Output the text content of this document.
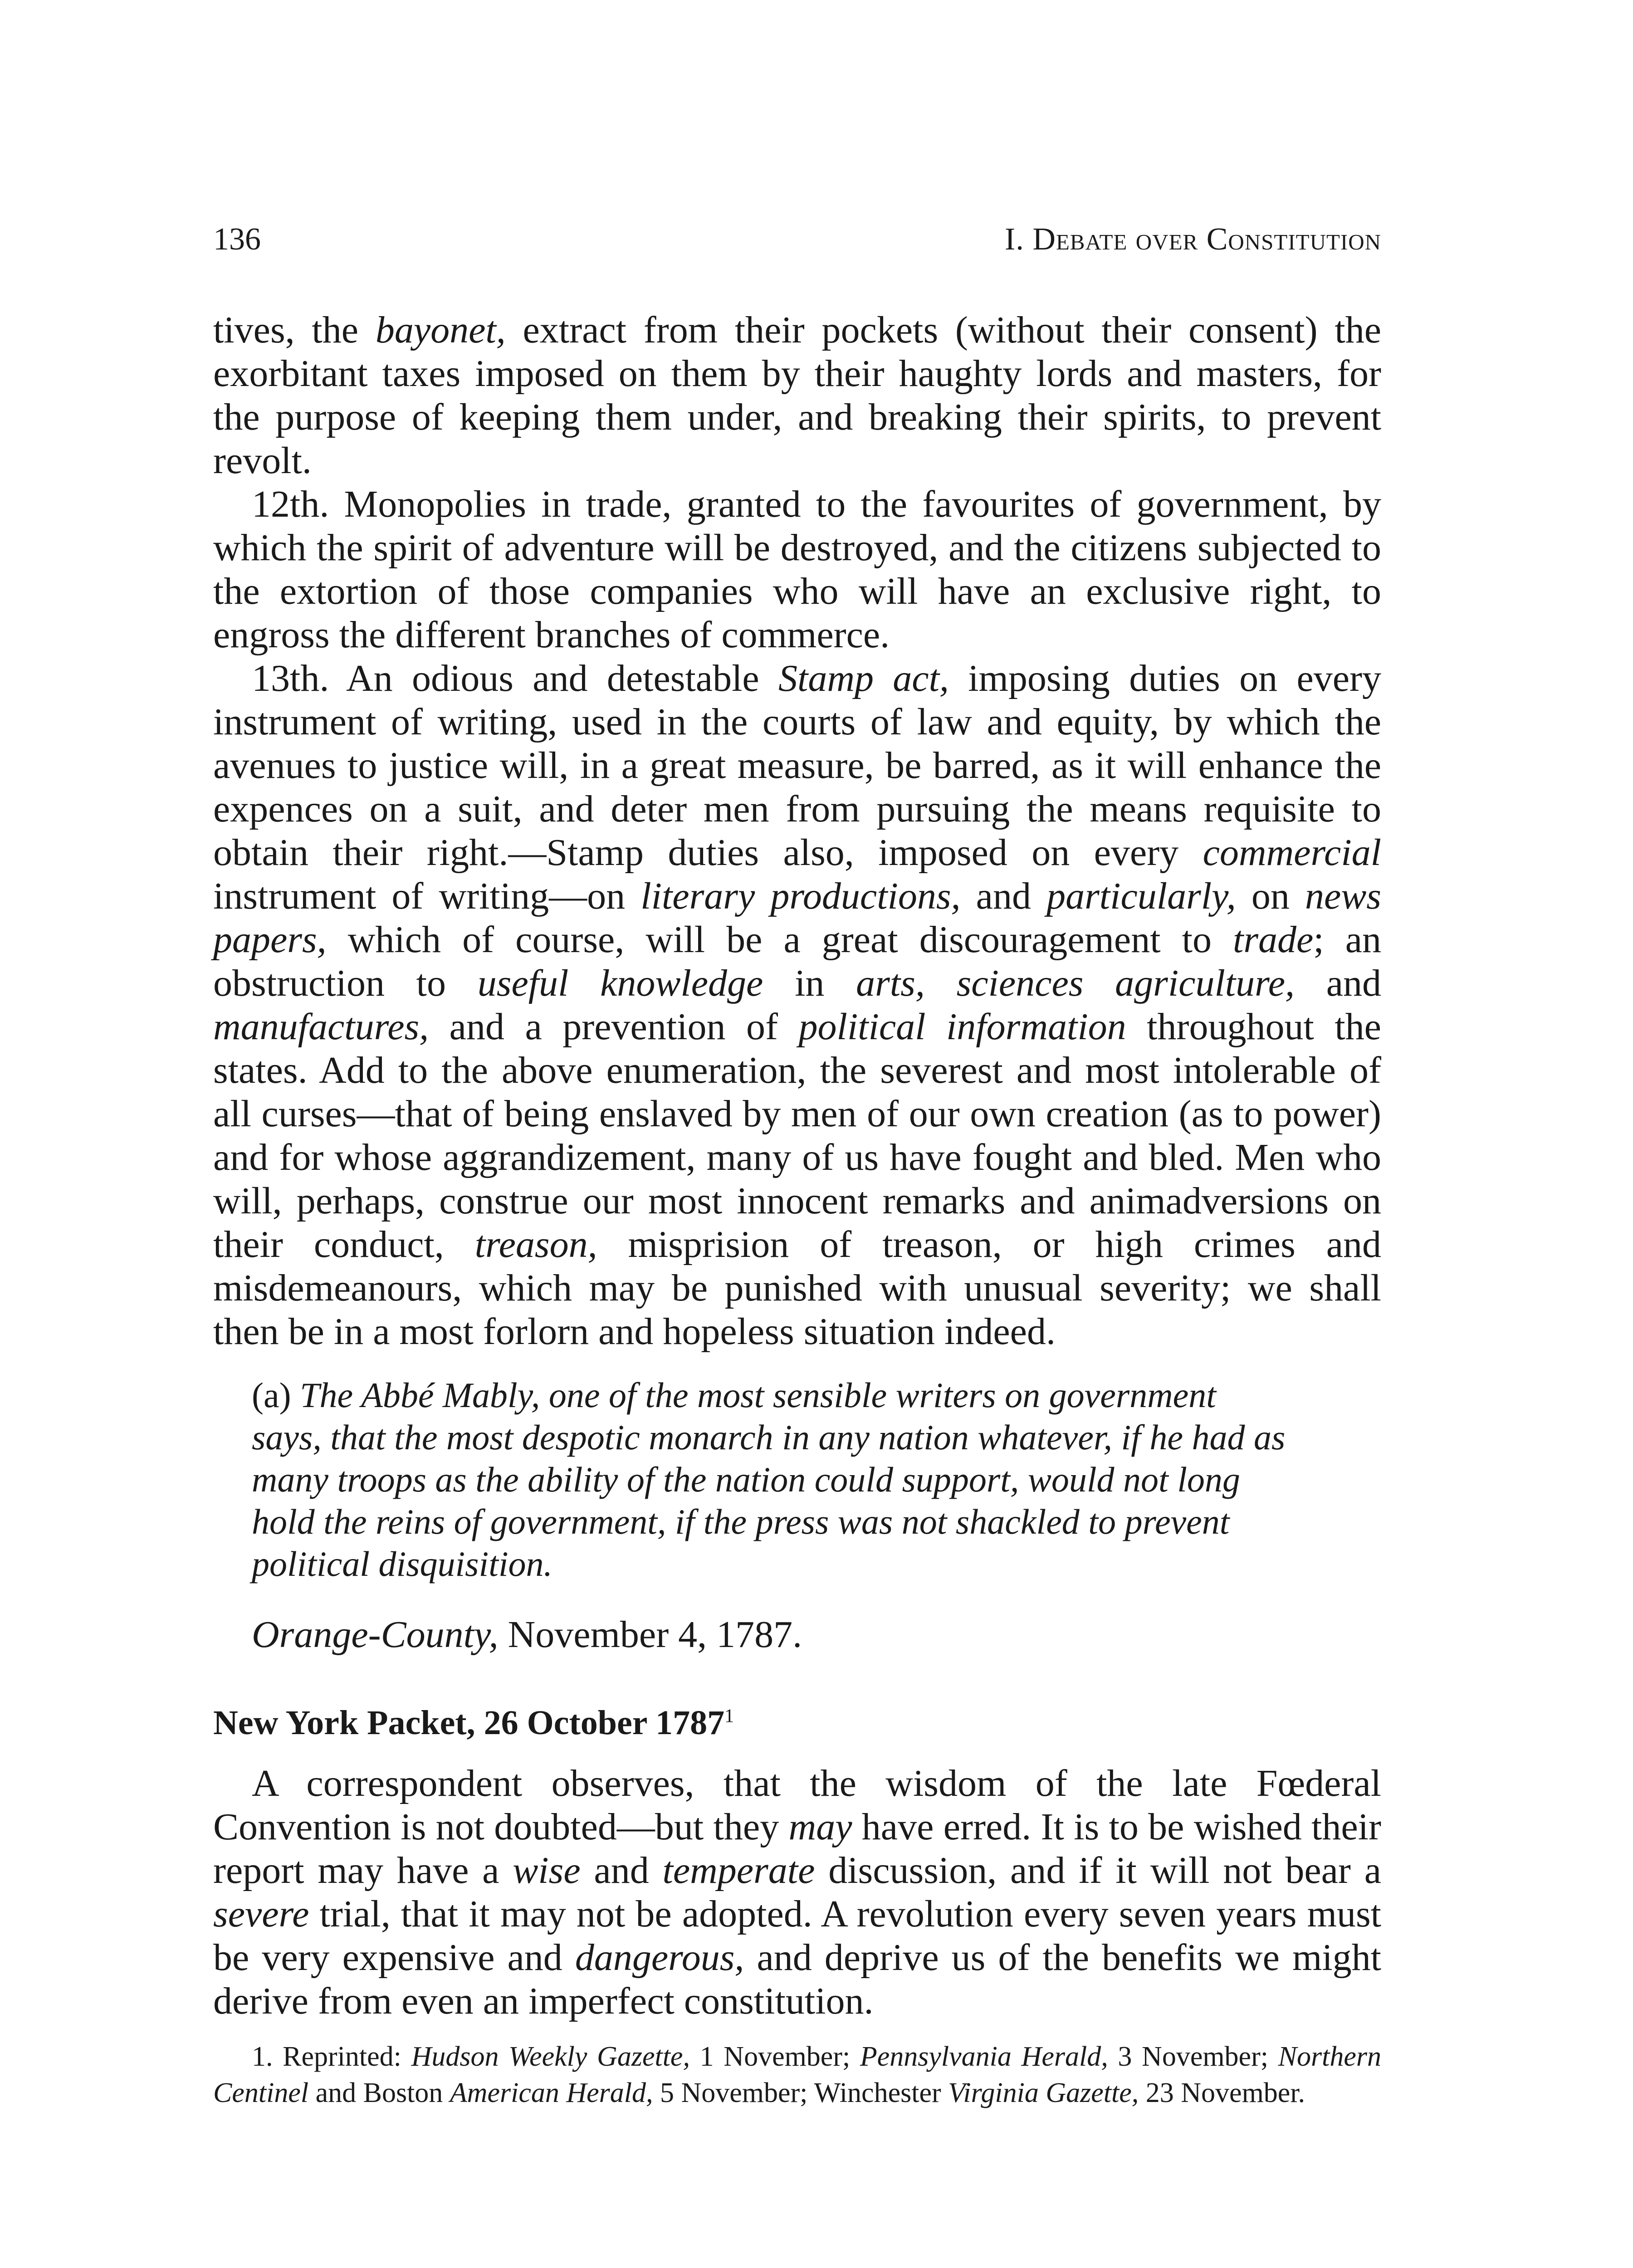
136	I. Debate over Constitution

tives, the bayonet, extract from their pockets (without their consent) the exorbitant taxes imposed on them by their haughty lords and masters, for the purpose of keeping them under, and breaking their spirits, to prevent revolt.

12th. Monopolies in trade, granted to the favourites of government, by which the spirit of adventure will be destroyed, and the citizens subjected to the extortion of those companies who will have an exclusive right, to engross the different branches of commerce.

13th. An odious and detestable Stamp act, imposing duties on every instrument of writing, used in the courts of law and equity, by which the avenues to justice will, in a great measure, be barred, as it will enhance the expences on a suit, and deter men from pursuing the means requisite to obtain their right.—Stamp duties also, imposed on every commercial instrument of writing—on literary productions, and particularly, on news papers, which of course, will be a great discouragement to trade; an obstruction to useful knowledge in arts, sciences agriculture, and manufactures, and a prevention of political information throughout the states. Add to the above enumeration, the severest and most intolerable of all curses—that of being enslaved by men of our own creation (as to power) and for whose aggrandizement, many of us have fought and bled. Men who will, perhaps, construe our most innocent remarks and animadversions on their conduct, treason, misprision of treason, or high crimes and misdemeanours, which may be punished with unusual severity; we shall then be in a most forlorn and hopeless situation indeed.

(a) The Abbé Mably, one of the most sensible writers on government says, that the most despotic monarch in any nation whatever, if he had as many troops as the ability of the nation could support, would not long hold the reins of government, if the press was not shackled to prevent political disquisition.

Orange-County, November 4, 1787.

New York Packet, 26 October 1787$^1$

A correspondent observes, that the wisdom of the late Fœderal Convention is not doubted—but they may have erred. It is to be wished their report may have a wise and temperate discussion, and if it will not bear a severe trial, that it may not be adopted. A revolution every seven years must be very expensive and dangerous, and deprive us of the benefits we might derive from even an imperfect constitution.

1. Reprinted: Hudson Weekly Gazette, 1 November; Pennsylvania Herald, 3 November; Northern Centinel and Boston American Herald, 5 November; Winchester Virginia Gazette, 23 November.
